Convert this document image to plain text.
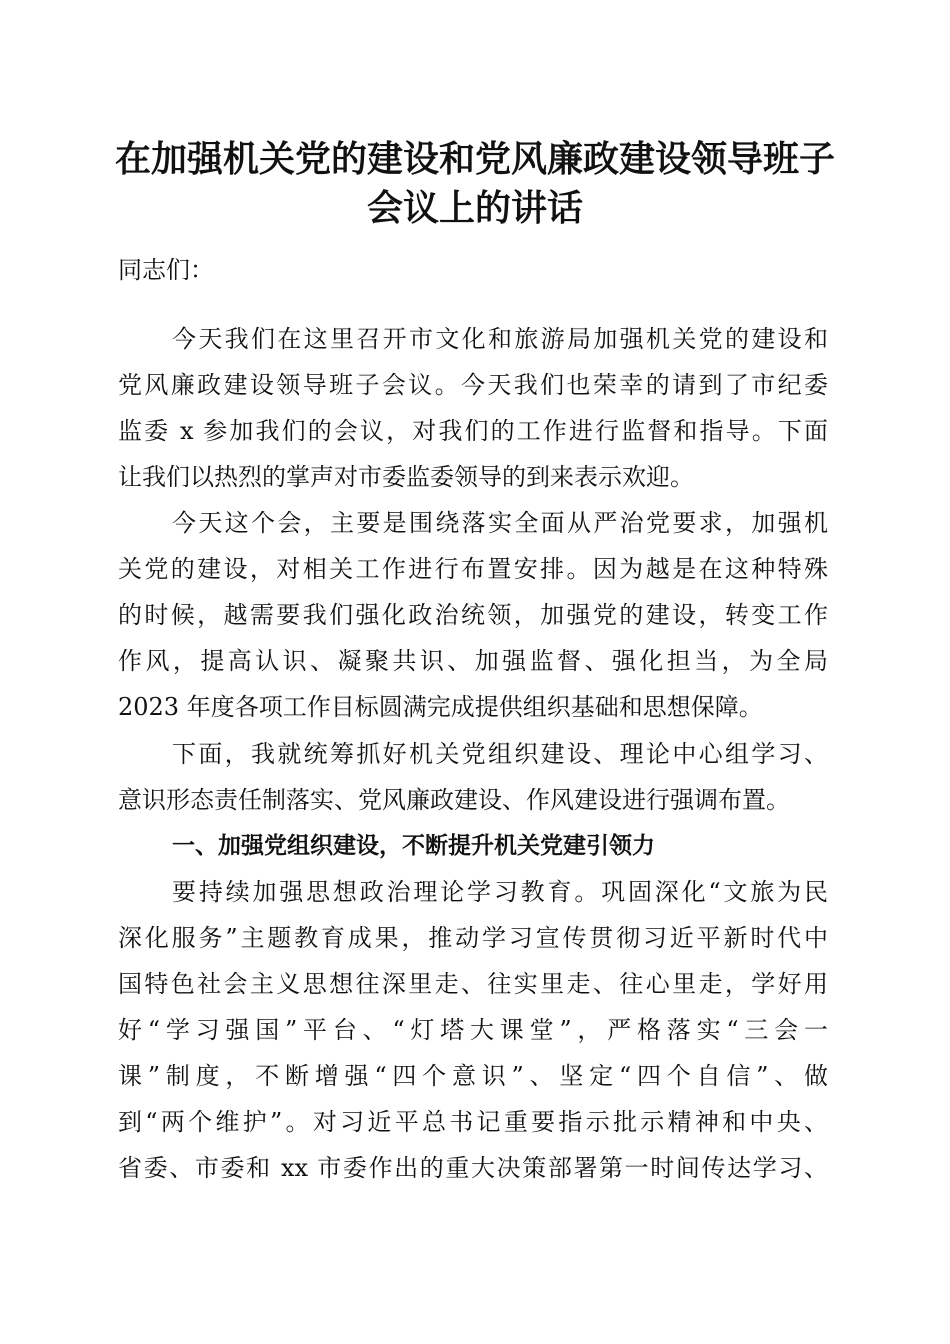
在加强机关党的建设和党风廉政建设领导班子
会议上的讲话
同志们：
今天我们在这里召开市文化和旅游局加强机关党的建设和
党风廉政建设领导班子会议。今天我们也荣幸的请到了市纪委
监委 x 参加我们的会议，对我们的工作进行监督和指导。下面
让我们以热烈的掌声对市委监委领导的到来表示欢迎。
今天这个会，主要是围绕落实全面从严治党要求，加强机
关党的建设，对相关工作进行布置安排。因为越是在这种特殊
的时候，越需要我们强化政治统领，加强党的建设，转变工作
作风，提高认识、凝聚共识、加强监督、强化担当，为全局
2023 年度各项工作目标圆满完成提供组织基础和思想保障。
下面，我就统筹抓好机关党组织建设、理论中心组学习、
意识形态责任制落实、党风廉政建设、作风建设进行强调布置。
一、加强党组织建设，不断提升机关党建引领力
要持续加强思想政治理论学习教育。巩固深化“文旅为民
深化服务”主题教育成果，推动学习宣传贯彻习近平新时代中
国特色社会主义思想往深里走、往实里走、往心里走，学好用
好“学习强国”平台、“灯塔大课堂”，严格落实“三会一
课”制度，不断增强“四个意识”、坚定“四个自信”、做
到“两个维护”。对习近平总书记重要指示批示精神和中央、
省委、市委和 xx 市委作出的重大决策部署第一时间传达学习、
